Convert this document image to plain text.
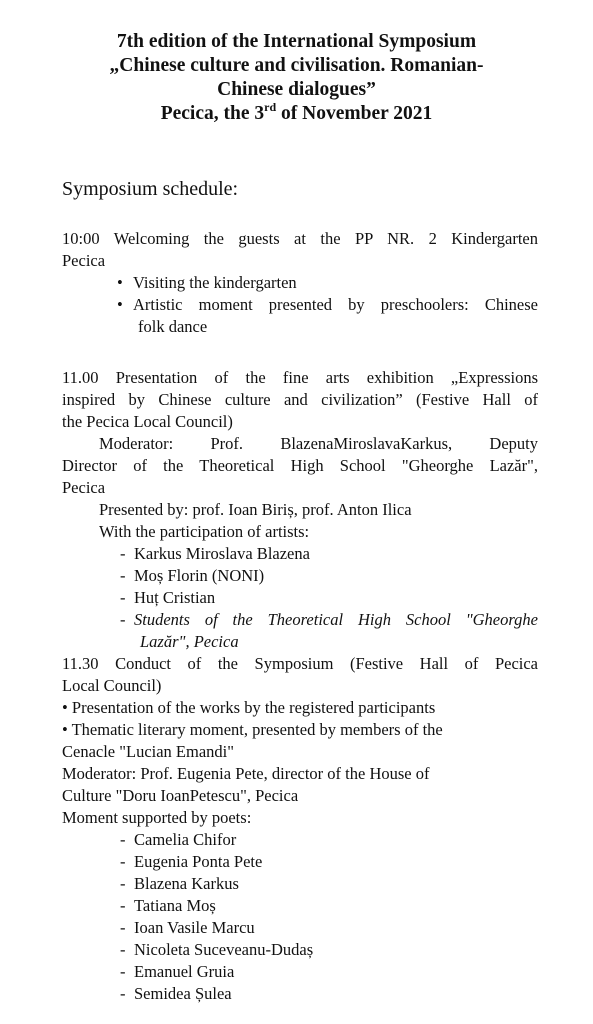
7th edition of the International Symposium
„Chinese culture and civilisation. Romanian-
Chinese dialogues”
Pecica, the 3rd of November 2021
Symposium schedule:
10:00 Welcoming the guests at the PP NR. 2 Kindergarten
Pecica
• Visiting the kindergarten
• Artistic moment presented by preschoolers: Chinese
folk dance
11.00 Presentation of the fine arts exhibition „Expressions
inspired by Chinese culture and civilization” (Festive Hall of
the Pecica Local Council)
Moderator: Prof. BlazenaMiroslavaKarkus, Deputy
Director of the Theoretical High School "Gheorghe Lazăr",
Pecica
Presented by: prof. Ioan Biriș, prof. Anton Ilica
With the participation of artists:
- Karkus Miroslava Blazena
- Moș Florin (NONI)
- Huț Cristian
- Students of the Theoretical High School "Gheorghe
Lazăr", Pecica
11.30 Conduct of the Symposium (Festive Hall of Pecica
Local Council)
• Presentation of the works by the registered participants
• Thematic literary moment, presented by members of the
Cenacle "Lucian Emandi"
Moderator: Prof. Eugenia Pete, director of the House of
Culture "Doru IoanPetescu", Pecica
Moment supported by poets:
- Camelia Chifor
- Eugenia Ponta Pete
- Blazena Karkus
- Tatiana Moș
- Ioan Vasile Marcu
- Nicoleta Suceveanu-Dudaș
- Emanuel Gruia
- Semidea Șulea
